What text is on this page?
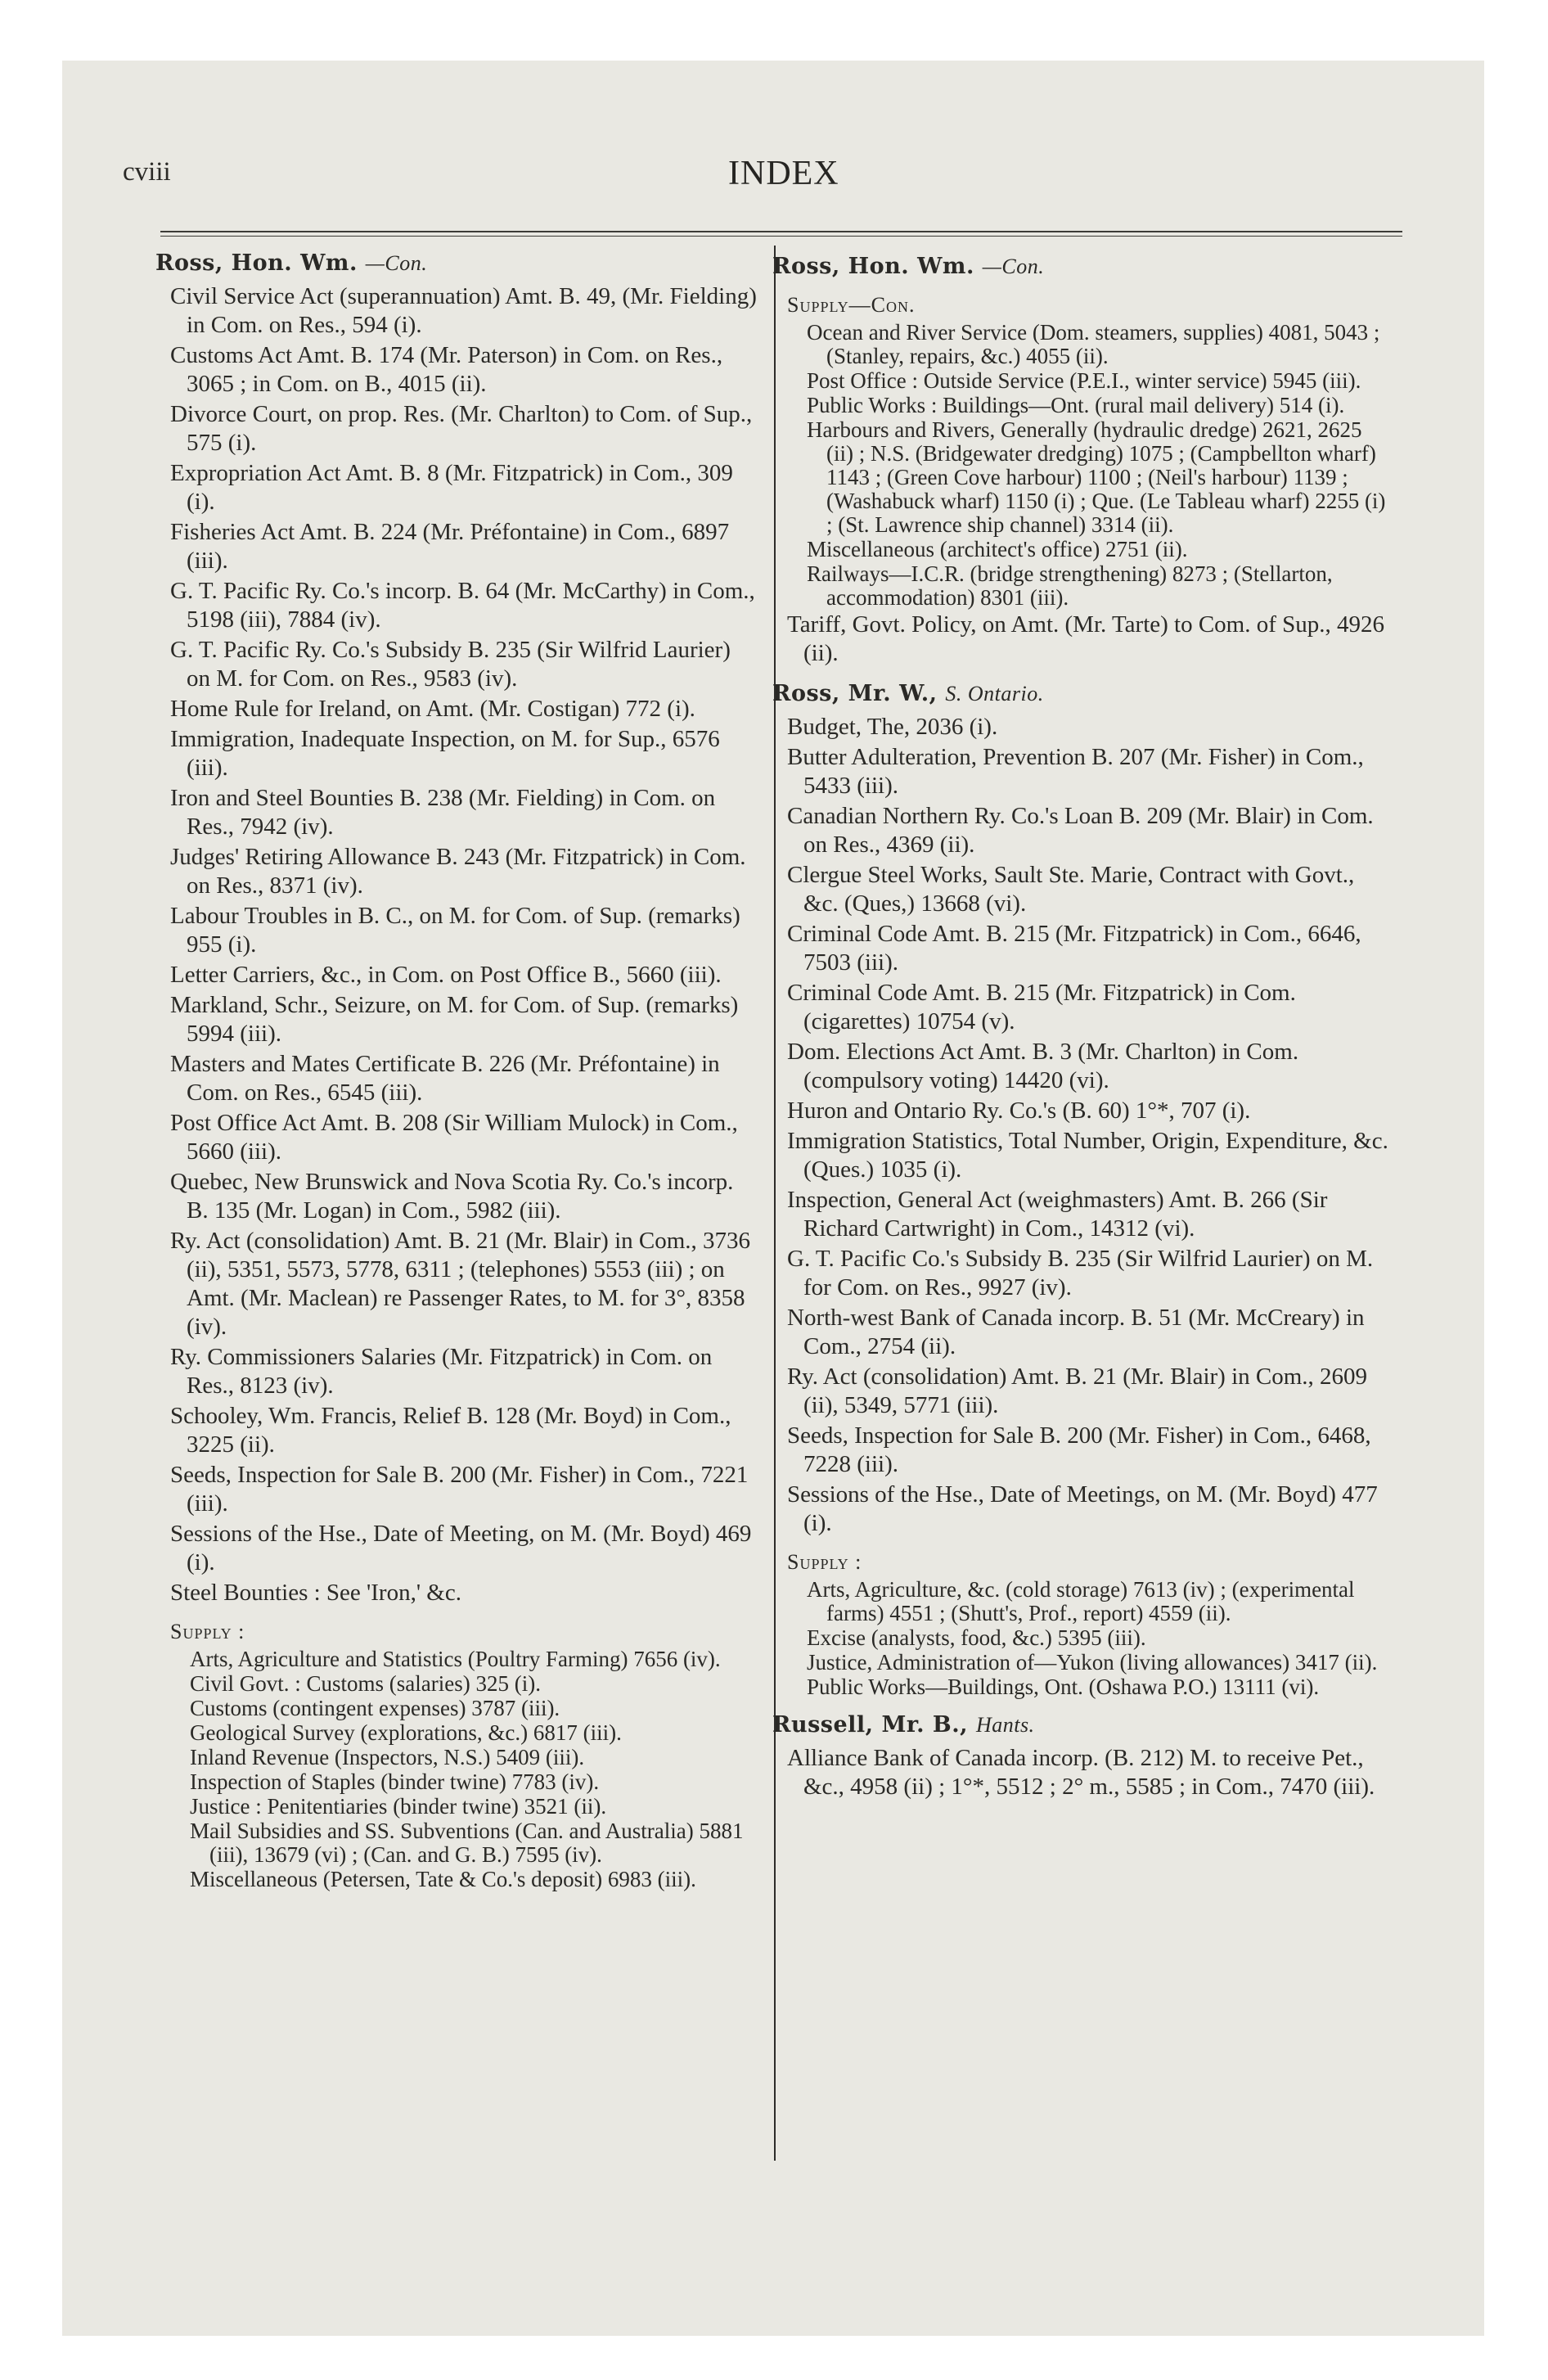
cviii	INDEX
Ross, Hon. Wm. —Con.
Civil Service Act (superannuation) Amt. B. 49, (Mr. Fielding) in Com. on Res., 594 (i).
Customs Act Amt. B. 174 (Mr. Paterson) in Com. on Res., 3065 ; in Com. on B., 4015 (ii).
Divorce Court, on prop. Res. (Mr. Charlton) to Com. of Sup., 575 (i).
Expropriation Act Amt. B. 8 (Mr. Fitzpatrick) in Com., 309 (i).
Fisheries Act Amt. B. 224 (Mr. Préfontaine) in Com., 6897 (iii).
G. T. Pacific Ry. Co.'s incorp. B. 64 (Mr. McCarthy) in Com., 5198 (iii), 7884 (iv).
G. T. Pacific Ry. Co.'s Subsidy B. 235 (Sir Wilfrid Laurier) on M. for Com. on Res., 9583 (iv).
Home Rule for Ireland, on Amt. (Mr. Costigan) 772 (i).
Immigration, Inadequate Inspection, on M. for Sup., 6576 (iii).
Iron and Steel Bounties B. 238 (Mr. Fielding) in Com. on Res., 7942 (iv).
Judges' Retiring Allowance B. 243 (Mr. Fitzpatrick) in Com. on Res., 8371 (iv).
Labour Troubles in B. C., on M. for Com. of Sup. (remarks) 955 (i).
Letter Carriers, &c., in Com. on Post Office B., 5660 (iii).
Markland, Schr., Seizure, on M. for Com. of Sup. (remarks) 5994 (iii).
Masters and Mates Certificate B. 226 (Mr. Préfontaine) in Com. on Res., 6545 (iii).
Post Office Act Amt. B. 208 (Sir William Mulock) in Com., 5660 (iii).
Quebec, New Brunswick and Nova Scotia Ry. Co.'s incorp. B. 135 (Mr. Logan) in Com., 5982 (iii).
Ry. Act (consolidation) Amt. B. 21 (Mr. Blair) in Com., 3736 (ii), 5351, 5573, 5778, 6311 ; (telephones) 5553 (iii) ; on Amt. (Mr. Maclean) re Passenger Rates, to M. for 3°, 8358 (iv).
Ry. Commissioners Salaries (Mr. Fitzpatrick) in Com. on Res., 8123 (iv).
Schooley, Wm. Francis, Relief B. 128 (Mr. Boyd) in Com., 3225 (ii).
Seeds, Inspection for Sale B. 200 (Mr. Fisher) in Com., 7221 (iii).
Sessions of the Hse., Date of Meeting, on M. (Mr. Boyd) 469 (i).
Steel Bounties : See 'Iron,' &c.
Supply :
Arts, Agriculture and Statistics (Poultry Farming) 7656 (iv).
Civil Govt. : Customs (salaries) 325 (i).
Customs (contingent expenses) 3787 (iii).
Geological Survey (explorations, &c.) 6817 (iii).
Inland Revenue (Inspectors, N.S.) 5409 (iii).
Inspection of Staples (binder twine) 7783 (iv).
Justice : Penitentiaries (binder twine) 3521 (ii).
Mail Subsidies and SS. Subventions (Can. and Australia) 5881 (iii), 13679 (vi) ; (Can. and G. B.) 7595 (iv).
Miscellaneous (Petersen, Tate & Co.'s deposit) 6983 (iii).
Ross, Hon. Wm. —Con.
Supply—Con.
Ocean and River Service (Dom. steamers, supplies) 4081, 5043 ; (Stanley, repairs, &c.) 4055 (ii).
Post Office : Outside Service (P.E.I., winter service) 5945 (iii).
Public Works : Buildings—Ont. (rural mail delivery) 514 (i).
Harbours and Rivers, Generally (hydraulic dredge) 2621, 2625 (ii) ; N.S. (Bridgewater dredging) 1075 ; (Campbellton wharf) 1143 ; (Green Cove harbour) 1100 ; (Neil's harbour) 1139 ; (Washabuck wharf) 1150 (i) ; Que. (Le Tableau wharf) 2255 (i) ; (St. Lawrence ship channel) 3314 (ii).
Miscellaneous (architect's office) 2751 (ii).
Railways—I.C.R. (bridge strengthening) 8273 ; (Stellarton, accommodation) 8301 (iii).
Tariff, Govt. Policy, on Amt. (Mr. Tarte) to Com. of Sup., 4926 (ii).
Ross, Mr. W., S. Ontario.
Budget, The, 2036 (i).
Butter Adulteration, Prevention B. 207 (Mr. Fisher) in Com., 5433 (iii).
Canadian Northern Ry. Co.'s Loan B. 209 (Mr. Blair) in Com. on Res., 4369 (ii).
Clergue Steel Works, Sault Ste. Marie, Contract with Govt., &c. (Ques,) 13668 (vi).
Criminal Code Amt. B. 215 (Mr. Fitzpatrick) in Com., 6646, 7503 (iii).
Criminal Code Amt. B. 215 (Mr. Fitzpatrick) in Com. (cigarettes) 10754 (v).
Dom. Elections Act Amt. B. 3 (Mr. Charlton) in Com. (compulsory voting) 14420 (vi).
Huron and Ontario Ry. Co.'s (B. 60) 1°*, 707 (i).
Immigration Statistics, Total Number, Origin, Expenditure, &c. (Ques.) 1035 (i).
Inspection, General Act (weighmasters) Amt. B. 266 (Sir Richard Cartwright) in Com., 14312 (vi).
G. T. Pacific Co.'s Subsidy B. 235 (Sir Wilfrid Laurier) on M. for Com. on Res., 9927 (iv).
North-west Bank of Canada incorp. B. 51 (Mr. McCreary) in Com., 2754 (ii).
Ry. Act (consolidation) Amt. B. 21 (Mr. Blair) in Com., 2609 (ii), 5349, 5771 (iii).
Seeds, Inspection for Sale B. 200 (Mr. Fisher) in Com., 6468, 7228 (iii).
Sessions of the Hse., Date of Meetings, on M. (Mr. Boyd) 477 (i).
Supply :
Arts, Agriculture, &c. (cold storage) 7613 (iv) ; (experimental farms) 4551 ; (Shutt's, Prof., report) 4559 (ii).
Excise (analysts, food, &c.) 5395 (iii).
Justice, Administration of—Yukon (living allowances) 3417 (ii).
Public Works—Buildings, Ont. (Oshawa P.O.) 13111 (vi).
Russell, Mr. B., Hants.
Alliance Bank of Canada incorp. (B. 212) M. to receive Pet., &c., 4958 (ii) ; 1°*, 5512 ; 2° m., 5585 ; in Com., 7470 (iii).
